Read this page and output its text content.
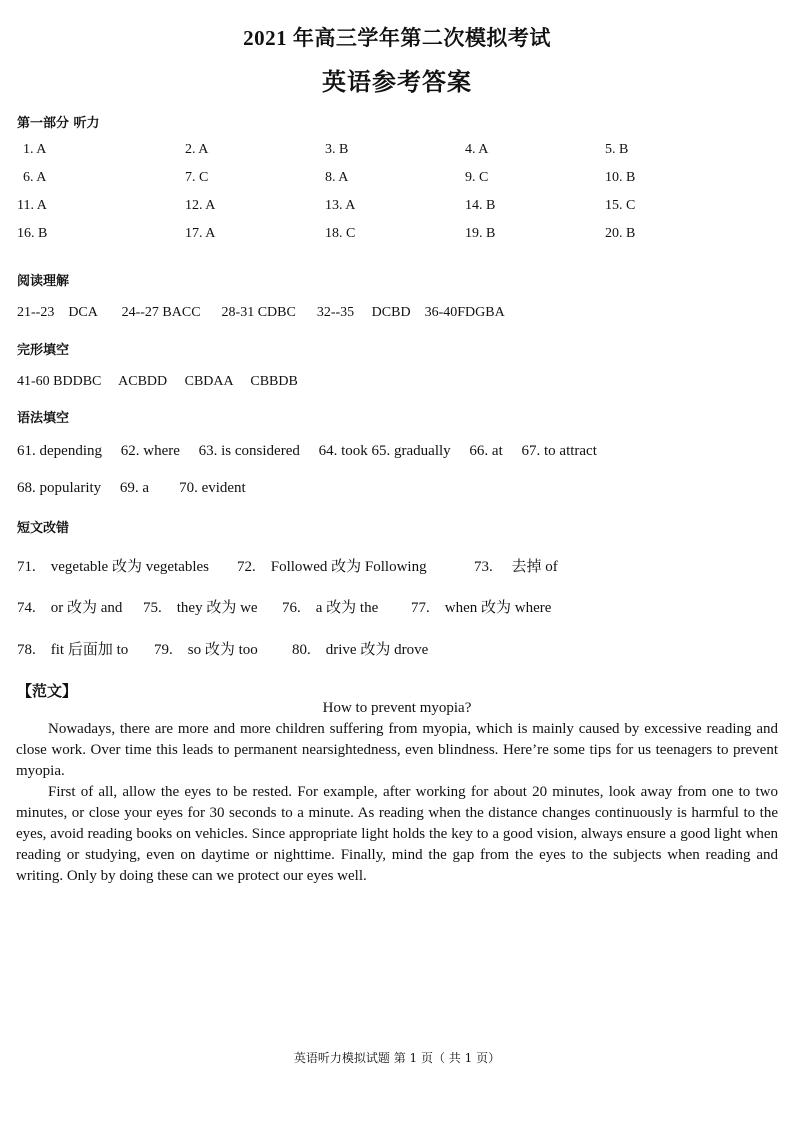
2021 年高三学年第二次模拟考试
英语参考答案
第一部分 听力
1. A	2. A	3. B	4. A	5. B
6. A	7. C	8. A	9. C	10. B
11. A	12. A	13. A	14. B	15. C
16. B	17. A	18. C	19. B	20. B
阅读理解
21--23    DCA       24--27 BACC      28-31 CDBC      32--35     DCBD    36-40FDGBA
完形填空
41-60 BDDBC     ACBDD     CBDAA     CBBDB
语法填空
61. depending     62. where     63. is considered     64. took 65. gradually     66. at     67. to attract
68. popularity     69. a        70. evident
短文改错
71.    vegetable 改为 vegetables 72.    Followed 改为 Following	73.     去掉 of
74.    or 改为 and 75.    they 改为 we 76.    a 改为 the 77.    when 改为 where
78.    fit 后面加 to 79.    so 改为 too 80.    drive 改为 drove
【范文】
How to prevent myopia?

Nowadays, there are more and more children suffering from myopia, which is mainly caused by excessive reading and close work. Over time this leads to permanent nearsightedness, even blindness. Here’re some tips for us teenagers to prevent myopia.

First of all, allow the eyes to be rested. For example, after working for about 20 minutes, look away from one to two minutes, or close your eyes for 30 seconds to a minute. As reading when the distance changes continuously is harmful to the eyes, avoid reading books on vehicles. Since appropriate light holds the key to a good vision, always ensure a good light when reading or studying, even on daytime or nighttime. Finally, mind the gap from the eyes to the subjects when reading and writing. Only by doing these can we protect our eyes well.

英语听力模拟试题 第 1 页（ 共 1 页）
